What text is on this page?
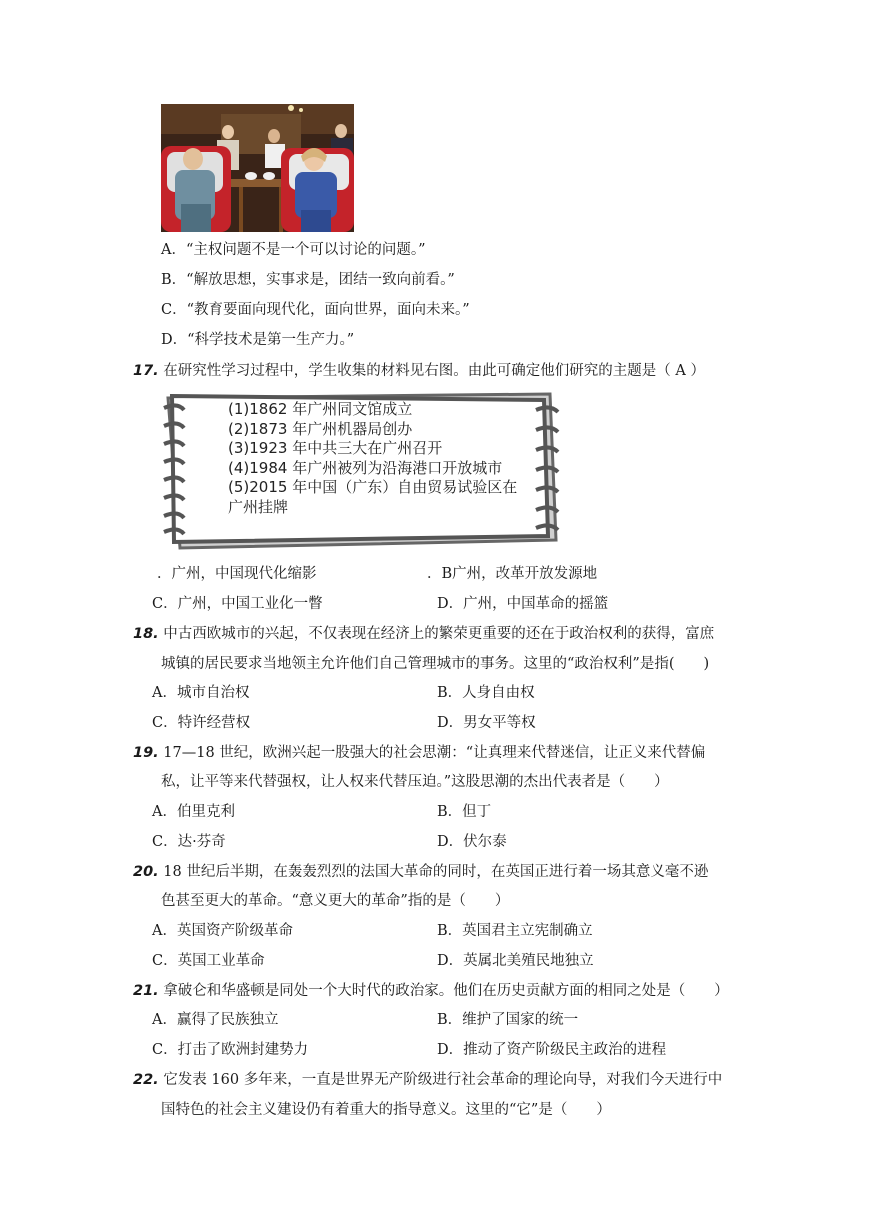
A．“主权问题不是一个可以讨论的问题。”
B．“解放思想，实事求是，团结一致向前看。”
C．“教育要面向现代化，面向世界，面向未来。”
D．“科学技术是第一生产力。”
17. 在研究性学习过程中，学生收集的材料见右图。由此可确定他们研究的主题是（ A ）
(1)1862 年广州同文馆成立
(2)1873 年广州机器局创办
(3)1923 年中共三大在广州召开
(4)1984 年广州被列为沿海港口开放城市
(5)2015 年中国（广东）自由贸易试验区在
广州挂牌
．广州，中国现代化缩影	．B广州，改革开放发源地
C．广州，中国工业化一瞥	D．广州，中国革命的摇篮
18. 中古西欧城市的兴起，不仅表现在经济上的繁荣更重要的还在于政治权利的获得，富庶
城镇的居民要求当地领主允许他们自己管理城市的事务。这里的“政治权利”是指(　　)
A．城市自治权	B．人身自由权
C．特许经营权	D．男女平等权
19. 17—18 世纪，欧洲兴起一股强大的社会思潮：“让真理来代替迷信，让正义来代替偏
私，让平等来代替强权，让人权来代替压迫。”这股思潮的杰出代表者是（　　）
A．伯里克利	B．但丁
C．达·芬奇	D．伏尔泰
20. 18 世纪后半期，在轰轰烈烈的法国大革命的同时，在英国正进行着一场其意义毫不逊
色甚至更大的革命。“意义更大的革命”指的是（　　）
A．英国资产阶级革命	B．英国君主立宪制确立
C．英国工业革命	D．英属北美殖民地独立
21. 拿破仑和华盛顿是同处一个大时代的政治家。他们在历史贡献方面的相同之处是（　　）
A．赢得了民族独立	B．维护了国家的统一
C．打击了欧洲封建势力	D．推动了资产阶级民主政治的进程
22. 它发表 160 多年来，一直是世界无产阶级进行社会革命的理论向导，对我们今天进行中
国特色的社会主义建设仍有着重大的指导意义。这里的“它”是（　　）
